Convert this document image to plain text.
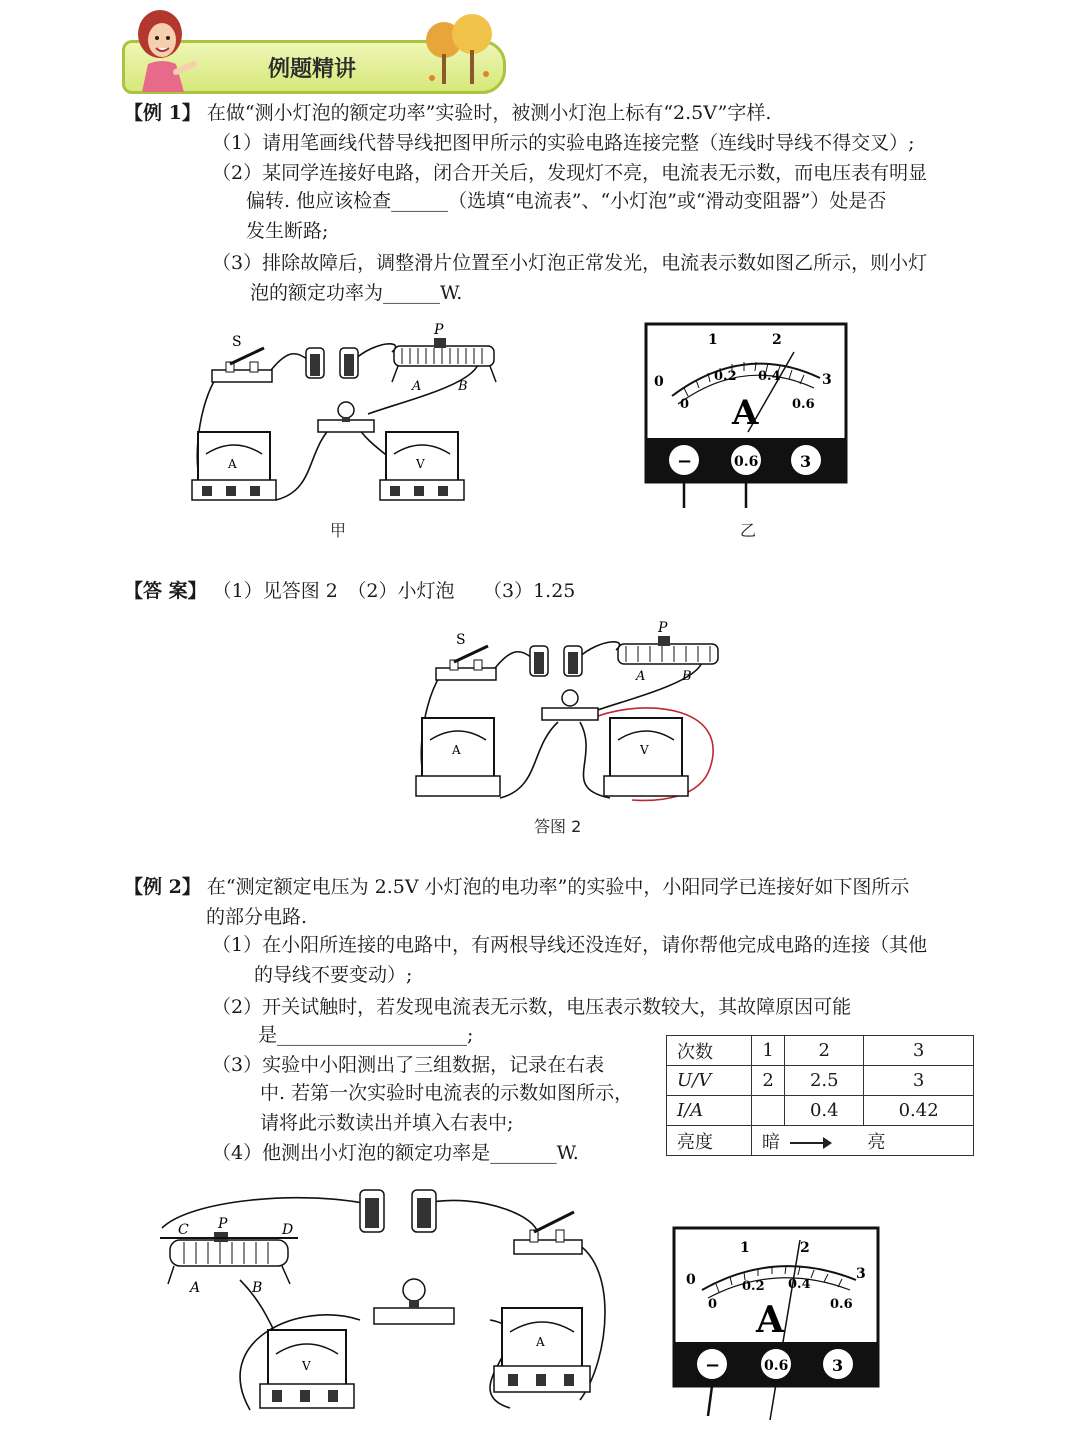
例题精讲
【例 1】 在做“测小灯泡的额定功率”实验时，被测小灯泡上标有“2.5V”字样.
（1）请用笔画线代替导线把图甲所示的实验电路连接完整（连线时导线不得交叉）;
（2）某同学连接好电路，闭合开关后，发现灯不亮，电流表无示数，而电压表有明显
偏转. 他应该检查______（选填“电流表”、“小灯泡”或“滑动变阻器”）处是否
发生断路;
（3）排除故障后，调整滑片位置至小灯泡正常发光，电流表示数如图乙所示，则小灯
泡的额定功率为______W.
S
P
A	B
A	V
甲
0
1	2
3
0
0.2 0.4
0.6
A
−	0.6	3
乙
【答 案】 （1）见答图 2　（2）小灯泡　　（3）1.25
S
P
A	B
A	V
答图 2
【例 2】 在“测定额定电压为 2.5V 小灯泡的电功率”的实验中，小阳同学已连接好如下图所示
的部分电路.
（1）在小阳所连接的电路中，有两根导线还没连好，请你帮他完成电路的连接（其他
的导线不要变动）;
（2）开关试触时，若发现电流表无示数，电压表示数较大，其故障原因可能
是____________________;
（3）实验中小阳测出了三组数据，记录在右表
中. 若第一次实验时电流表的示数如图所示，
请将此示数读出并填入右表中;
（4）他测出小灯泡的额定功率是_______W.
次数	1	2	3
U/V	2	2.5	3
I/A		0.4	0.42
亮度	暗 亮		
C P	D
A	B
V
A
0
1	2
3
0
0.2 0.4
0.6
A
−	0.6	3
